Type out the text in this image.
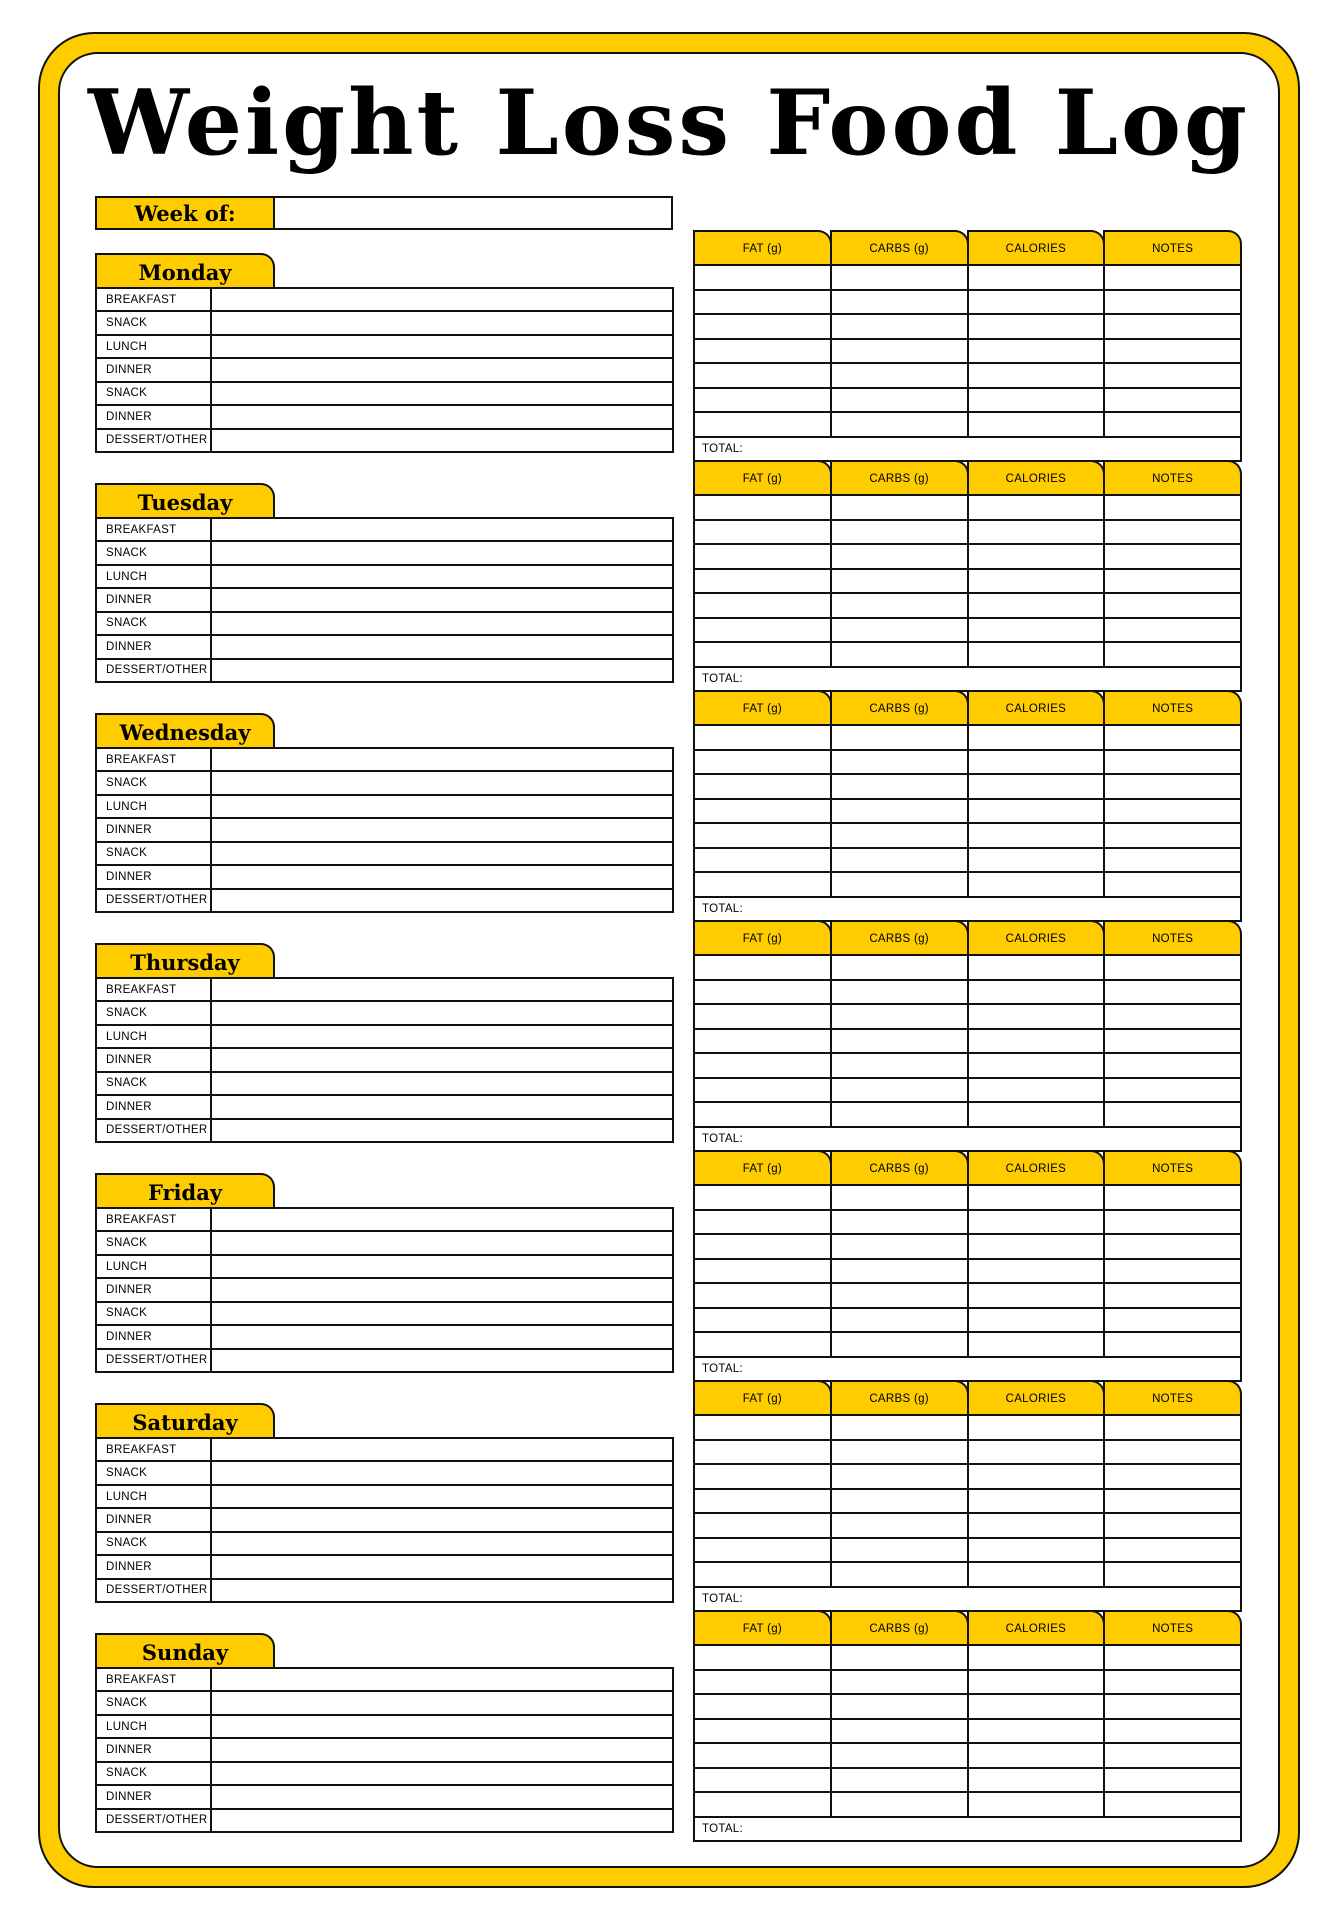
Weight Loss Food Log
Week of:
Monday
BREAKFAST
SNACK
LUNCH
DINNER
SNACK
DINNER
DESSERT/OTHER
FAT (g)	CARBS (g)	CALORIES	NOTES
TOTAL:
Tuesday
BREAKFAST
SNACK
LUNCH
DINNER
SNACK
DINNER
DESSERT/OTHER
FAT (g)	CARBS (g)	CALORIES	NOTES
TOTAL:
Wednesday
BREAKFAST
SNACK
LUNCH
DINNER
SNACK
DINNER
DESSERT/OTHER
FAT (g)	CARBS (g)	CALORIES	NOTES
TOTAL:
Thursday
BREAKFAST
SNACK
LUNCH
DINNER
SNACK
DINNER
DESSERT/OTHER
FAT (g)	CARBS (g)	CALORIES	NOTES
TOTAL:
Friday
BREAKFAST
SNACK
LUNCH
DINNER
SNACK
DINNER
DESSERT/OTHER
FAT (g)	CARBS (g)	CALORIES	NOTES
TOTAL:
Saturday
BREAKFAST
SNACK
LUNCH
DINNER
SNACK
DINNER
DESSERT/OTHER
FAT (g)	CARBS (g)	CALORIES	NOTES
TOTAL:
Sunday
BREAKFAST
SNACK
LUNCH
DINNER
SNACK
DINNER
DESSERT/OTHER
FAT (g)	CARBS (g)	CALORIES	NOTES
TOTAL:
